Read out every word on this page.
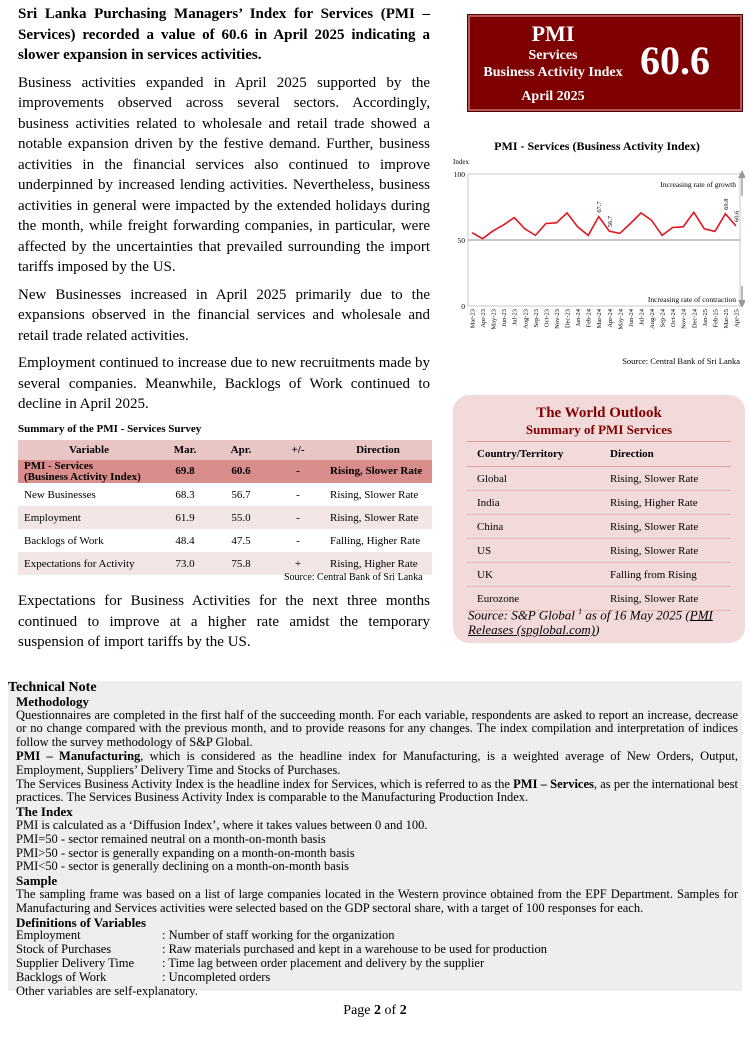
Sri Lanka Purchasing Managers’ Index for Services (PMI – Services) recorded a value of 60.6 in April 2025 indicating a slower expansion in services activities.

Business activities expanded in April 2025 supported by the improvements observed across several sectors. Accordingly, business activities related to wholesale and retail trade showed a notable expansion driven by the festive demand. Further, business activities in the financial services also continued to improve underpinned by increased lending activities. Nevertheless, business activities in general were impacted by the extended holidays during the month, while freight forwarding companies, in particular, were affected by the uncertainties that prevailed surrounding the import tariffs imposed by the US.

New Businesses increased in April 2025 primarily due to the expansions observed in the financial services and wholesale and retail trade related activities.

Employment continued to increase due to new recruitments made by several companies. Meanwhile, Backlogs of Work continued to decline in April 2025.

PMI
Services
Business Activity Index
April 2025
60.6
PMI - Services (Business Activity Index)
Index
0
50
100
Mar-23 Apr-23 May-23 Jun-23 Jul-23 Aug-23 Sep-23 Oct-23 Nov-23 Dec-23 Jan-24 Feb-24 Mar-24 Apr-24 May-24 Jun-24 Jul-24 Aug-24 Sep-24 Oct-24 Nov-24 Dec-24 Jan-25 Feb-25 Mar-25 Apr-25
67.7
56.7
69.8
60.6
Increasing rate of growth
Increasing rate of contraction
Source: Central Bank of Sri Lanka
Summary of the PMI - Services Survey
Variable	Mar.	Apr.	+/-	Direction
PMI - Services
(Business Activity Index)	69.8	60.6	-	Rising, Slower Rate
New Businesses	68.3	56.7	-	Rising, Slower Rate
Employment	61.9	55.0	-	Rising, Slower Rate
Backlogs of Work	48.4	47.5	-	Falling, Higher Rate
Expectations for Activity	73.0	75.8	+	Rising, Higher Rate
Source: Central Bank of Sri Lanka
The World Outlook
Summary of PMI Services
Country/Territory	Direction
Global	Rising, Slower Rate
India	Rising, Higher Rate
China	Rising, Slower Rate
US	Rising, Slower Rate
UK	Falling from Rising
Eurozone	Rising, Slower Rate
Source: S&P Global $^1$ as of 16 May 2025 (PMI Releases (spglobal.com))

Expectations for Business Activities for the next three months continued to improve at a higher rate amidst the temporary suspension of import tariffs by the US.

Technical Note
Methodology
Questionnaires are completed in the first half of the succeeding month. For each variable, respondents are asked to report an increase, decrease or no change compared with the previous month, and to provide reasons for any changes. The index compilation and interpretation of indices follow the survey methodology of S&P Global.
PMI – Manufacturing, which is considered as the headline index for Manufacturing, is a weighted average of New Orders, Output, Employment, Suppliers’ Delivery Time and Stocks of Purchases.
The Services Business Activity Index is the headline index for Services, which is referred to as the PMI – Services, as per the international best practices. The Services Business Activity Index is comparable to the Manufacturing Production Index.
The Index
PMI is calculated as a ‘Diffusion Index’, where it takes values between 0 and 100.
PMI=50 - sector remained neutral on a month-on-month basis
PMI>50 - sector is generally expanding on a month-on-month basis
PMI<50 - sector is generally declining on a month-on-month basis
Sample
The sampling frame was based on a list of large companies located in the Western province obtained from the EPF Department. Samples for Manufacturing and Services activities were selected based on the GDP sectoral share, with a target of 100 responses for each.
Definitions of Variables
Employment	: Number of staff working for the organization
Stock of Purchases	: Raw materials purchased and kept in a warehouse to be used for production
Supplier Delivery Time	: Time lag between order placement and delivery by the supplier
Backlogs of Work	: Uncompleted orders
Other variables are self-explanatory.
Page 2 of 2
